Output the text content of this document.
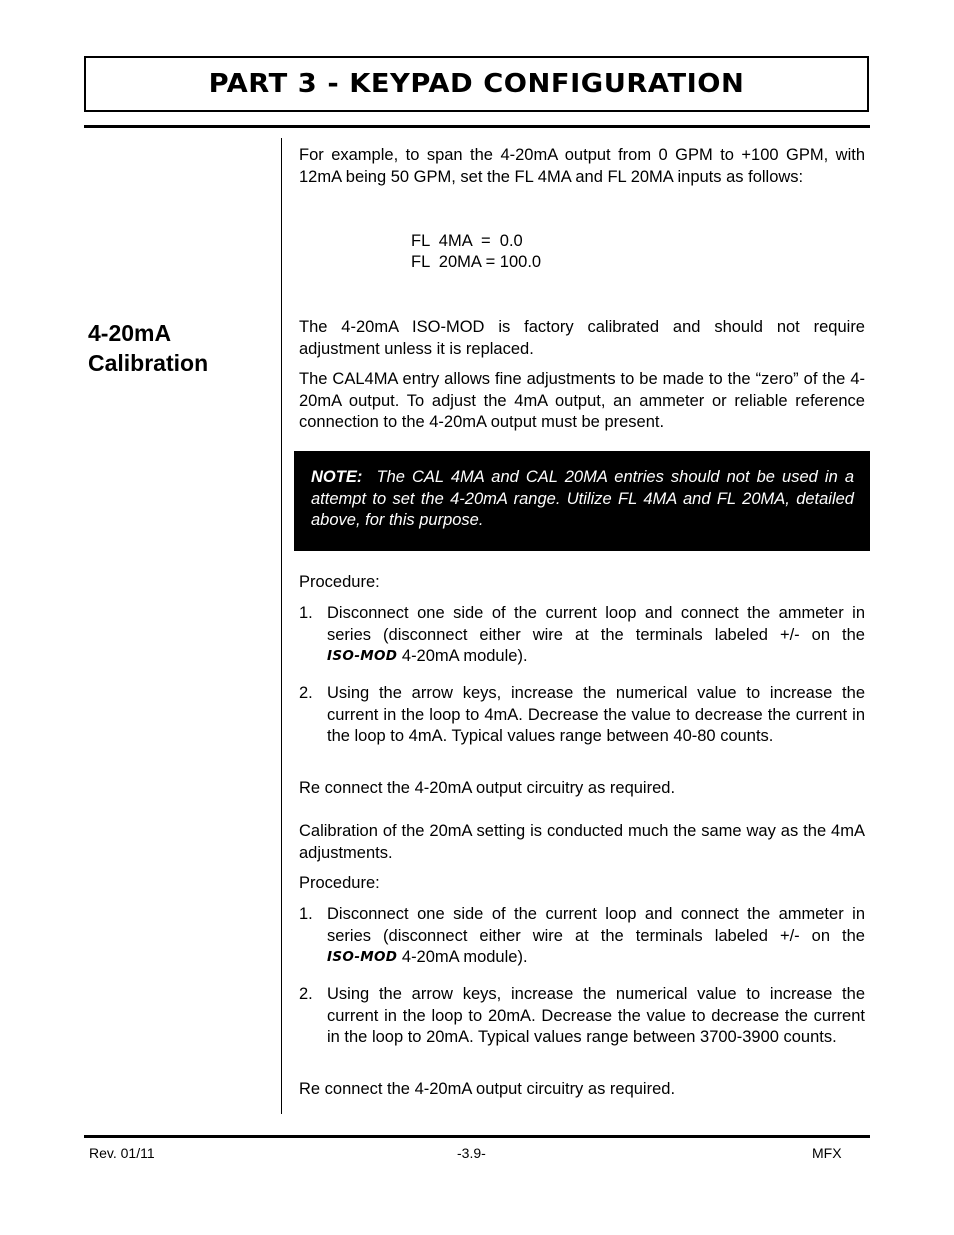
PART 3 - KEYPAD CONFIGURATION
4-20mA
Calibration
For example, to span the 4-20mA output from 0 GPM to +100 GPM, with 12mA being 50 GPM, set the FL 4MA and FL 20MA inputs as follows:
FL  4MA  =  0.0
FL  20MA = 100.0
The 4-20mA ISO-MOD is factory calibrated and should not require adjustment unless it is replaced.
The CAL4MA entry allows fine adjustments to be made to the “zero” of the 4-20mA output. To adjust the 4mA output, an ammeter or reliable reference connection to the 4-20mA output must be present.
NOTE: The CAL 4MA and CAL 20MA entries should not be used in a attempt to set the 4-20mA range. Utilize FL 4MA and FL 20MA, detailed above, for this purpose.
Procedure:
1. Disconnect one side of the current loop and connect the ammeter in series (disconnect either wire at the terminals labeled +/- on the ISO-MOD 4-20mA module).
2. Using the arrow keys, increase the numerical value to increase the current in the loop to 4mA. Decrease the value to decrease the current in the loop to 4mA. Typical values range between 40-80 counts.
Re connect the 4-20mA output circuitry as required.
Calibration of the 20mA setting is conducted much the same way as the 4mA adjustments.
Procedure:
1. Disconnect one side of the current loop and connect the ammeter in series (disconnect either wire at the terminals labeled +/- on the ISO-MOD 4-20mA module).
2. Using the arrow keys, increase the numerical value to increase the current in the loop to 20mA. Decrease the value to decrease the current in the loop to 20mA. Typical values range between 3700-3900 counts.
Re connect the 4-20mA output circuitry as required.
Rev. 01/11	-3.9-	MFX
